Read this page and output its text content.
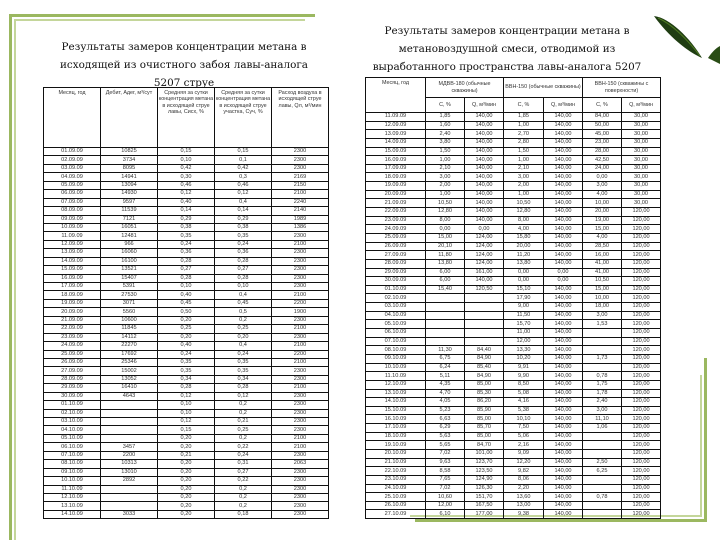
Результаты замеров концентрации метана в исходящей из очистного забоя лавы-аналога 5207 струе
Результаты замеров концентрации метана в метановоздушной смеси, отводимой из выработанного пространства лавы-аналога 5207
Месяц, год	Дебит, Адег, м³/сут	Средняя за сутки концентрация метана в исходящей струе лавы, Сисх, %	Средняя за сутки концентрация метана в исходящей струе участка, Суч, %	Расход воздуха в исходящей струе лавы, Qл, м³/мин
01.09.09	10825	0,15	0,15	2300
02.09.09	3734	0,10	0,1	2300
03.09.09	8095	0,42	0,42	2300
04.09.09	14941	0,30	0,3	2169
05.09.09	13094	0,46	0,46	2150
06.09.09	14930	0,12	0,12	2100
07.09.09	9597	0,40	0,4	2240
08.09.09	11539	0,14	0,14	2140
09.09.09	7121	0,29	0,29	1989
10.09.09	16051	0,38	0,38	1386
11.09.09	12481	0,35	0,35	2300
12.09.09	966	0,24	0,24	2100
13.09.09	16060	0,36	0,36	2300
14.09.09	16100	0,28	0,28	2300
15.09.09	13521	0,27	0,27	2300
16.09.09	15407	0,28	0,28	2300
17.09.09	5391	0,10	0,10	2300
18.09.09	27530	0,40	0,4	2100
19.09.09	3071	0,45	0,45	2200
20.09.09	5560	0,50	0,5	1900
21.09.09	10600	0,20	0,2	2300
22.09.09	11845	0,25	0,25	2100
23.09.09	14112	0,20	0,20	2300
24.09.09	22270	0,40	0,4	2100
25.09.09	17692	0,24	0,24	2200
26.09.09	25346	0,35	0,35	2100
27.09.09	15002	0,35	0,35	2300
28.09.09	13052	0,34	0,34	2300
29.09.09	16410	0,28	0,28	2100
30.09.09	4643	0,12	0,12	2300
01.10.09		0,10	0,2	2300
02.10.09		0,10	0,2	2300
03.10.09		0,12	0,21	2300
04.10.09		0,15	0,25	2300
05.10.09		0,20	0,2	2100
06.10.09	3457	0,20	0,22	2100
07.10.09	2200	0,21	0,24	2300
08.10.09	10313	0,20	0,31	2063
09.10.09	13010	0,20	0,27	2300
10.10.09	2892	0,20	0,22	2300
11.10.09		0,20	0,2	2300
12.10.09		0,20	0,2	2300
13.10.09		0,20	0,2	2300
14.10.09	3033	0,20	0,18	2300
Месяц, год	МДВВ-180 (обычные скважины)		ВВН-150 (обычные скважины)		ВВН-150 (скважины с поверхности)	
	С, %	Q, м³/мин	С, %	Q, м³/мин	С, %	Q, м³/мин
11.09.09	1,85	140,00	1,85	140,00	84,00	30,00
12.09.09	1,60	140,00	1,00	140,00	50,00	30,00
13.09.09	2,40	140,00	2,70	140,00	45,00	30,00
14.09.09	3,80	140,00	2,80	140,00	23,00	30,00
15.09.09	1,50	140,00	1,50	140,00	28,00	30,00
16.09.09	1,00	140,00	1,00	140,00	42,50	30,00
17.09.09	2,10	140,00	2,10	140,00	24,00	30,00
18.09.09	3,00	140,00	3,00	140,00	0,00	30,00
19.09.09	2,00	140,00	2,00	140,00	3,00	30,00
20.09.09	1,00	140,00	1,00	140,00	4,00	30,00
21.09.09	10,50	140,00	10,50	140,00	10,00	30,00
22.09.09	12,80	140,00	12,80	140,00	20,00	120,00
23.09.09	8,00	140,00	8,00	140,00	19,00	120,00
24.09.09	0,00	0,00	4,00	140,00	15,00	120,00
25.09.09	15,00	124,00	15,80	140,00	4,00	120,00
26.09.09	20,10	124,00	20,00	140,00	28,50	120,00
27.09.09	11,80	124,00	11,20	140,00	16,00	120,00
28.09.09	13,80	124,00	13,80	140,00	41,00	120,00
29.09.09	6,00	161,00	0,00	0,00	41,00	120,00
30.09.09	6,00	140,00	0,00	0,00	10,50	120,00
01.10.09	15,40	120,50	15,10	140,00	15,00	120,00
02.10.09			17,90	140,00	10,00	120,00
03.10.09			9,00	140,00	18,00	120,00
04.10.09			11,50	140,00	3,00	120,00
05.10.09			15,70	140,00	1,53	120,00
06.10.09			11,00	140,00		120,00
07.10.09			12,00	140,00		120,00
08.10.09	11,30	84,40	13,30	140,00		120,00
09.10.09	6,75	84,90	10,20	140,00	1,73	120,00
10.10.09	6,24	85,40	9,91	140,00		120,00
11.10.09	5,11	84,90	9,90	140,00	0,78	120,00
12.10.09	4,35	85,00	8,50	140,00	1,75	120,00
13.10.09	4,70	85,30	5,08	140,00	1,78	120,00
14.10.09	4,05	86,20	4,16	140,00	2,40	120,00
15.10.09	5,23	85,90	5,38	140,00	3,00	120,00
16.10.09	6,63	85,00	10,10	140,00	11,10	120,00
17.10.09	6,29	85,70	7,50	140,00	1,06	120,00
18.10.09	5,63	85,00	5,06	140,00		120,00
19.10.09	5,65	84,70	2,16	140,00		120,00
20.10.09	7,02	101,00	9,09	140,00		120,00
21.10.09	9,63	123,70	12,20	140,00	2,50	120,00
22.10.09	8,58	123,50	9,82	140,00	6,25	120,00
23.10.09	7,65	124,90	8,06	140,00		120,00
24.10.09	7,02	126,30	2,20	140,00		120,00
25.10.09	10,60	151,70	13,60	140,00	0,78	120,00
26.10.09	12,00	167,50	13,00	140,00		120,00
27.10.09	6,10	177,00	9,38	140,00		120,00
